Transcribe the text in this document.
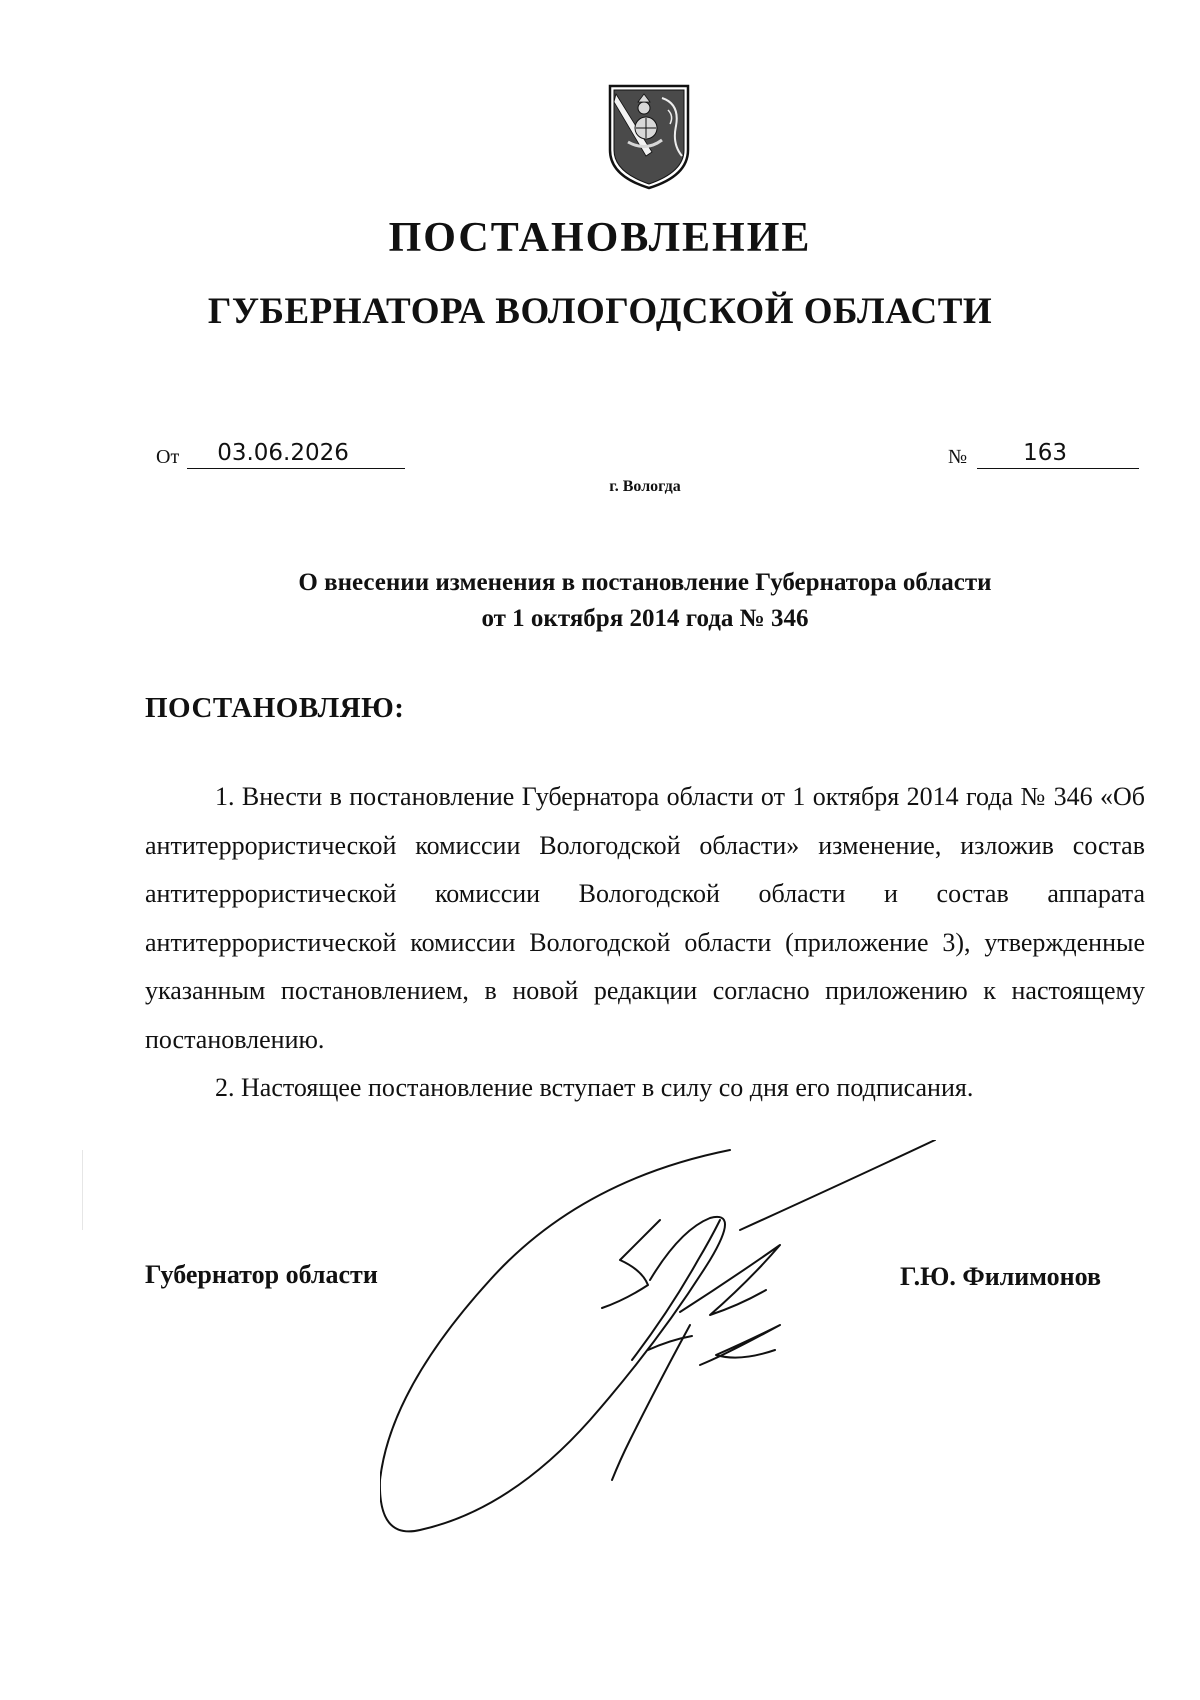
ПОСТАНОВЛЕНИЕ
ГУБЕРНАТОРА ВОЛОГОДСКОЙ ОБЛАСТИ
От 03.06.2026	№ 163
г. Вологда
О внесении изменения в постановление Губернатора области
от 1 октября 2014 года № 346
ПОСТАНОВЛЯЮ:

1. Внести в постановление Губернатора области от 1 октября 2014 года № 346 «Об антитеррористической комиссии Вологодской области» изменение, изложив состав антитеррористической комиссии Вологодской области и состав аппарата антитеррористической комиссии Вологодской области (приложение 3), утвержденные указанным постановлением, в новой редакции согласно приложению к настоящему постановлению.

2. Настоящее постановление вступает в силу со дня его подписания.

Губернатор области	Г.Ю. Филимонов
